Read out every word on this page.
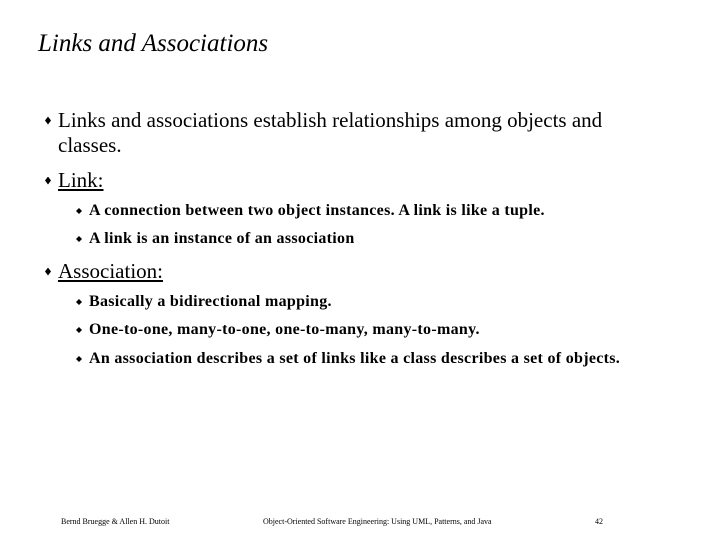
Links and Associations
Links and associations establish relationships among objects and classes.
Link:
A connection between two object instances. A link is like a tuple.
A link is an instance of an association
Association:
Basically a bidirectional mapping.
One-to-one, many-to-one, one-to-many, many-to-many.
An association describes a set of links like a class describes a set of objects.
Bernd Bruegge & Allen H. Dutoit	Object-Oriented Software Engineering: Using UML, Patterns, and Java	42
